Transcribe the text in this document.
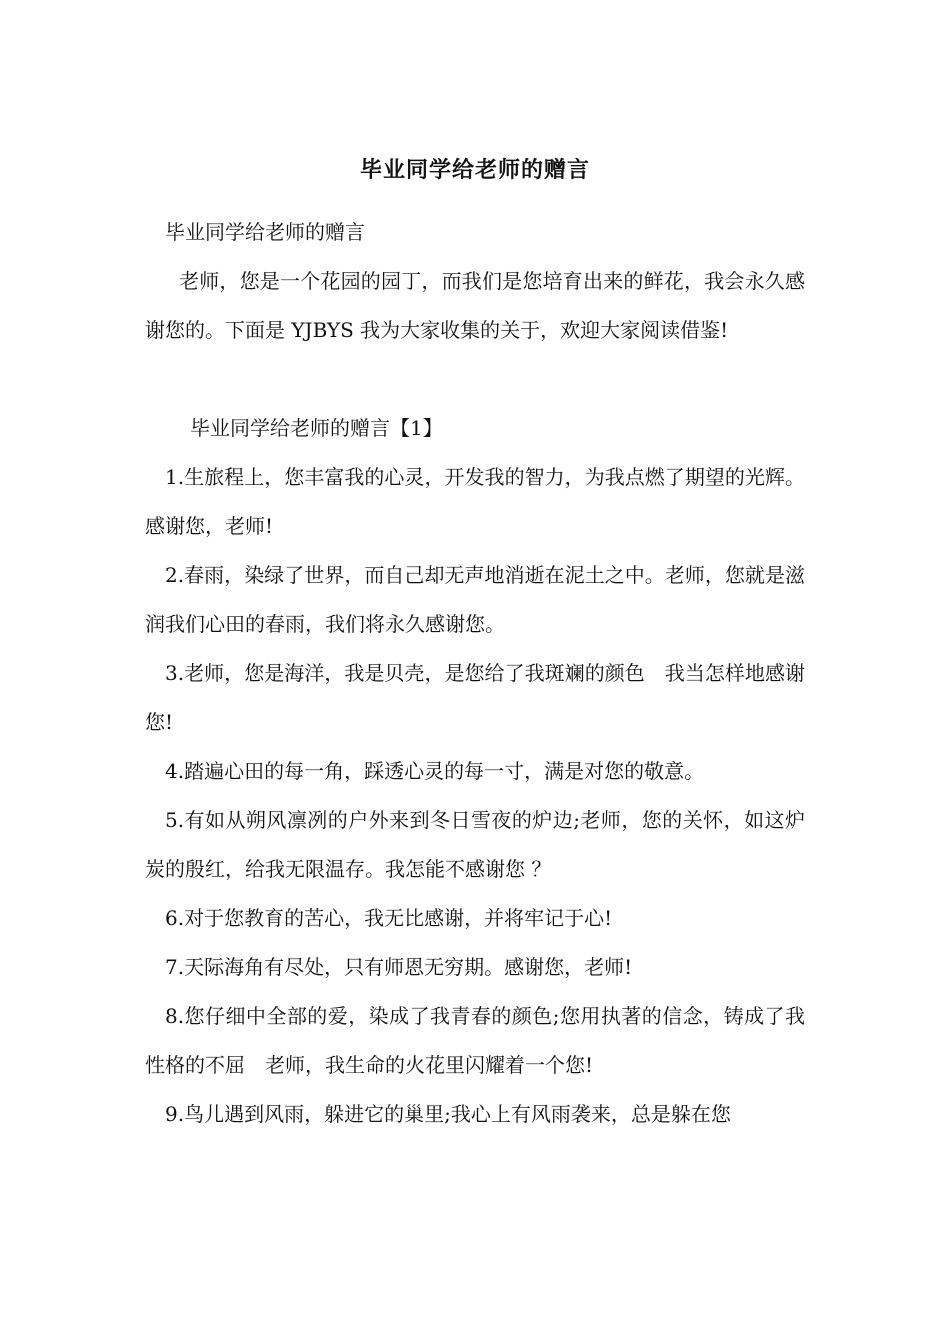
毕业同学给老师的赠言

毕业同学给老师的赠言

老师，您是一个花园的园丁，而我们是您培育出来的鲜花，我会永久感谢您的。下面是 YJBYS 我为大家收集的关于，欢迎大家阅读借鉴!

毕业同学给老师的赠言【1】

1.生旅程上，您丰富我的心灵，开发我的智力，为我点燃了期望的光辉。感谢您，老师!

2.春雨，染绿了世界，而自己却无声地消逝在泥土之中。老师，您就是滋润我们心田的春雨，我们将永久感谢您。

3.老师，您是海洋，我是贝壳，是您给了我斑斓的颜色　我当怎样地感谢您!

4.踏遍心田的每一角，踩透心灵的每一寸，满是对您的敬意。

5.有如从朔风凛冽的户外来到冬日雪夜的炉边;老师，您的关怀，如这炉炭的殷红，给我无限温存。我怎能不感谢您 ？

6.对于您教育的苦心，我无比感谢，并将牢记于心!

7.天际海角有尽处，只有师恩无穷期。感谢您，老师!

8.您仔细中全部的爱，染成了我青春的颜色;您用执著的信念，铸成了我性格的不屈　老师，我生命的火花里闪耀着一个您!

9.鸟儿遇到风雨，躲进它的巢里;我心上有风雨袭来，总是躲在您
